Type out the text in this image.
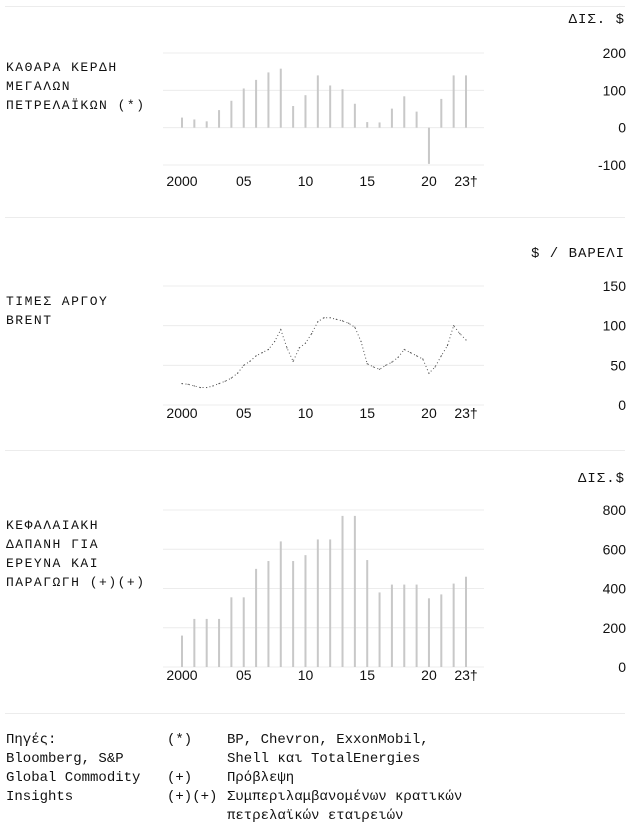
ΔΙΣ. $
ΚΑΘΑΡΑ ΚΕΡΔΗ ΜΕΓΑΛΩΝ ΠΕΤΡΕΛΑΪΚΩΝ (*)
200
100
0
-100
2000	05	10	15	20 23†
$ / ΒΑΡΕΛΙ
ΤΙΜΕΣ ΑΡΓΟΥ BRENT
150
100
50
0
2000	05	10	15	20 23†
ΔΙΣ.$
ΚΕΦΑΛΑΙΑΚΗ ΔΑΠΑΝΗ ΓΙΑ ΕΡΕΥΝΑ ΚΑΙ ΠΑΡΑΓΩΓΗ (+)(+)
800
600
400
200
0
2000	05	10	15	20 23†
Πηγές:
Bloomberg, S&P
Global Commodity
Insights
(*) BP, Chevron, ExxonMobil,
Shell και TotalEnergies
(+) Πρόβλεψη
(+)(+) Συμπεριλαμβανομένων κρατικών
πετρελαϊκών εταιρειών
